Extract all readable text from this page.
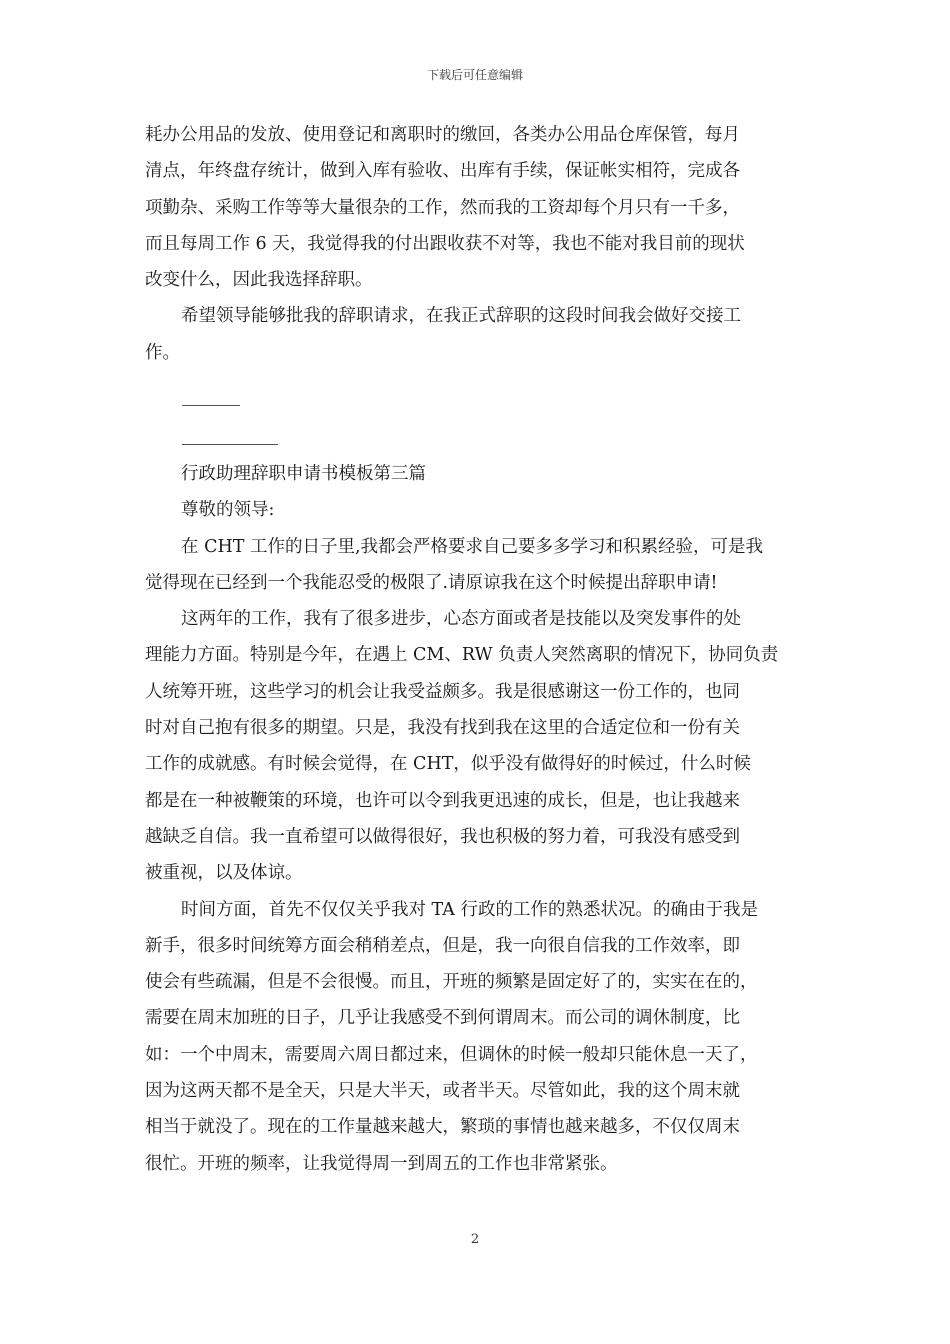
下载后可任意编辑
耗办公用品的发放、使用登记和离职时的缴回，各类办公用品仓库保管，每月
清点，年终盘存统计，做到入库有验收、出库有手续，保证帐实相符，完成各
项勤杂、采购工作等等大量很杂的工作，然而我的工资却每个月只有一千多，
而且每周工作 6 天，我觉得我的付出跟收获不对等，我也不能对我目前的现状
改变什么，因此我选择辞职。
希望领导能够批我的辞职请求，在我正式辞职的这段时间我会做好交接工
作。
行政助理辞职申请书模板第三篇
尊敬的领导:
在 CHT 工作的日子里,我都会严格要求自己要多多学习和积累经验，可是我
觉得现在已经到一个我能忍受的极限了.请原谅我在这个时候提出辞职申请!
这两年的工作，我有了很多进步，心态方面或者是技能以及突发事件的处
理能力方面。特别是今年，在遇上 CM、RW 负责人突然离职的情况下，协同负责
人统筹开班，这些学习的机会让我受益颇多。我是很感谢这一份工作的，也同
时对自己抱有很多的期望。只是，我没有找到我在这里的合适定位和一份有关
工作的成就感。有时候会觉得，在 CHT，似乎没有做得好的时候过，什么时候
都是在一种被鞭策的环境，也许可以令到我更迅速的成长，但是，也让我越来
越缺乏自信。我一直希望可以做得很好，我也积极的努力着，可我没有感受到
被重视，以及体谅。
时间方面，首先不仅仅关乎我对 TA 行政的工作的熟悉状况。的确由于我是
新手，很多时间统筹方面会稍稍差点，但是，我一向很自信我的工作效率，即
使会有些疏漏，但是不会很慢。而且，开班的频繁是固定好了的，实实在在的，
需要在周末加班的日子，几乎让我感受不到何谓周末。而公司的调休制度，比
如：一个中周末，需要周六周日都过来，但调休的时候一般却只能休息一天了，
因为这两天都不是全天，只是大半天，或者半天。尽管如此，我的这个周末就
相当于就没了。现在的工作量越来越大，繁琐的事情也越来越多，不仅仅周末
很忙。开班的频率，让我觉得周一到周五的工作也非常紧张。
2
